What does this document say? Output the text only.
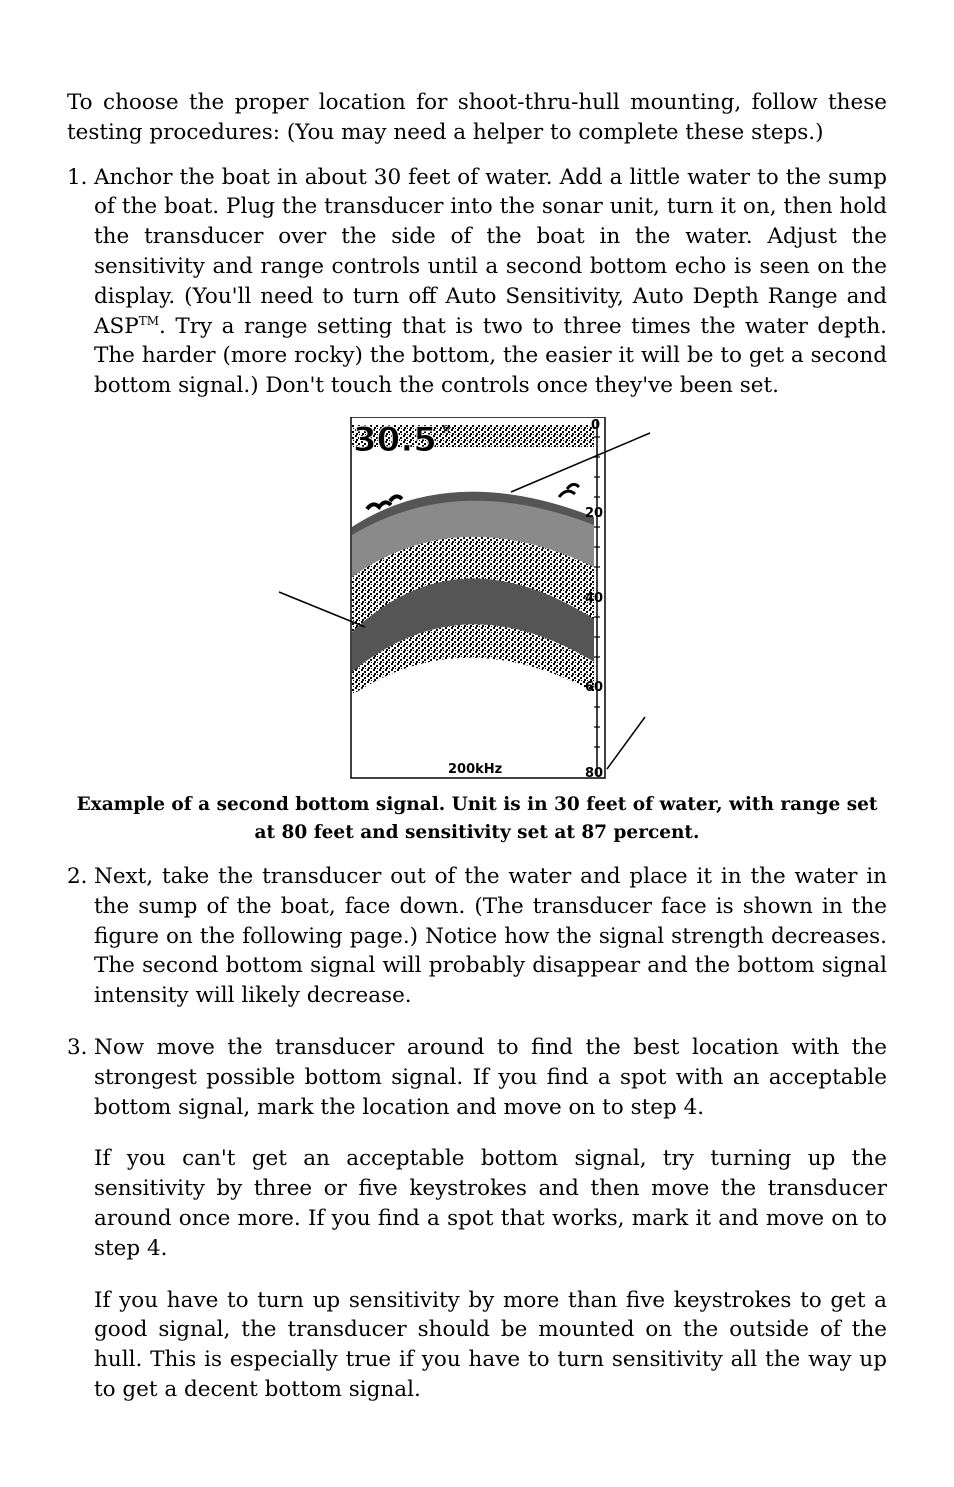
To choose the proper location for shoot-thru-hull mounting, follow these testing procedures: (You may need a helper to complete these steps.)

1. Anchor the boat in about 30 feet of water. Add a little water to the sump of the boat. Plug the transducer into the sonar unit, turn it on, then hold the transducer over the side of the boat in the water. Adjust the sensitivity and range controls until a second bottom echo is seen on the display. (You'll need to turn off Auto Sensitivity, Auto Depth Range and ASP™. Try a range setting that is two to three times the water depth. The harder (more rocky) the bottom, the easier it will be to get a second bottom signal.) Don't touch the controls once they've been set.
30.5 ft	0
20
40
60
80
200kHz

Example of a second bottom signal. Unit is in 30 feet of water, with range set at 80 feet and sensitivity set at 87 percent.

2. Next, take the transducer out of the water and place it in the water in the sump of the boat, face down. (The transducer face is shown in the figure on the following page.) Notice how the signal strength decreases. The second bottom signal will probably disappear and the bottom signal intensity will likely decrease.
3. Now move the transducer around to find the best location with the strongest possible bottom signal. If you find a spot with an acceptable bottom signal, mark the location and move on to step 4.

If you can't get an acceptable bottom signal, try turning up the sensitivity by three or five keystrokes and then move the transducer around once more. If you find a spot that works, mark it and move on to step 4.

If you have to turn up sensitivity by more than five keystrokes to get a good signal, the transducer should be mounted on the outside of the hull. This is especially true if you have to turn sensitivity all the way up to get a decent bottom signal.
